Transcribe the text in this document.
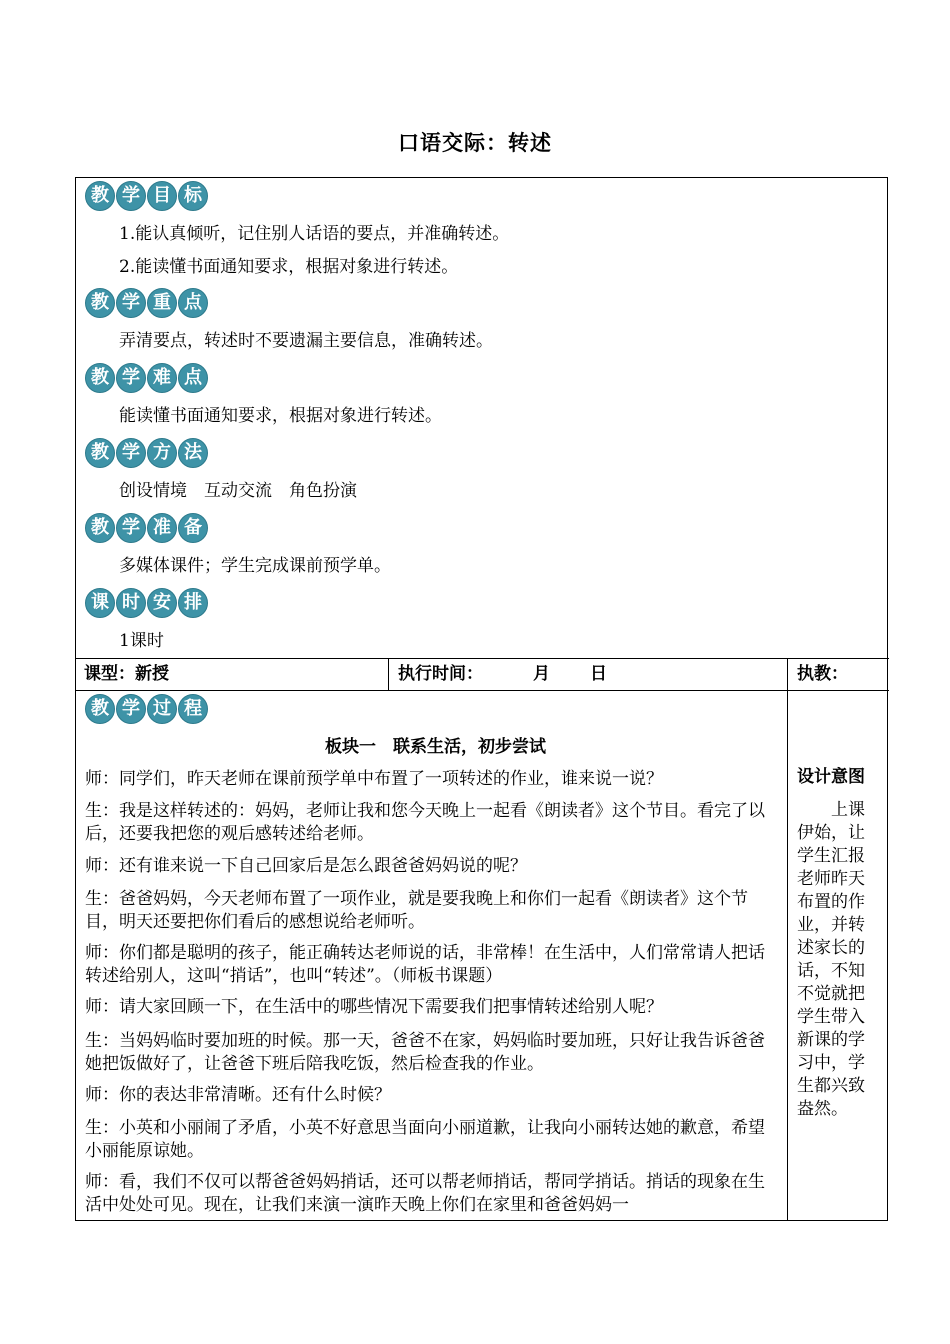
口语交际：转述
教 学 目 标
1.能认真倾听，记住别人话语的要点，并准确转述。
2.能读懂书面通知要求，根据对象进行转述。
教 学 重 点
弄清要点，转述时不要遗漏主要信息，准确转述。
教 学 难 点
能读懂书面通知要求，根据对象进行转述。
教 学 方 法
创设情境　互动交流　角色扮演
教 学 准 备
多媒体课件；学生完成课前预学单。
课 时 安 排
1课时
课型：新授	执行时间：	月 日	执教：
教 学 过 程
板块一　联系生活，初步尝试
师：同学们，昨天老师在课前预学单中布置了一项转述的作业，谁来说一说？
生：我是这样转述的：妈妈，老师让我和您今天晚上一起看《朗读者》这个节目。看完了以后，还要我把您的观后感转述给老师。
师：还有谁来说一下自己回家后是怎么跟爸爸妈妈说的呢？
生：爸爸妈妈，今天老师布置了一项作业，就是要我晚上和你们一起看《朗读者》这个节目，明天还要把你们看后的感想说给老师听。
师：你们都是聪明的孩子，能正确转达老师说的话，非常棒！在生活中，人们常常请人把话转述给别人，这叫“捎话”，也叫“转述”。（师板书课题）
师：请大家回顾一下，在生活中的哪些情况下需要我们把事情转述给别人呢？
生：当妈妈临时要加班的时候。那一天，爸爸不在家，妈妈临时要加班，只好让我告诉爸爸她把饭做好了，让爸爸下班后陪我吃饭，然后检查我的作业。
师：你的表达非常清晰。还有什么时候？
生：小英和小丽闹了矛盾，小英不好意思当面向小丽道歉，让我向小丽转达她的歉意，希望小丽能原谅她。
师：看，我们不仅可以帮爸爸妈妈捎话，还可以帮老师捎话，帮同学捎话。捎话的现象在生活中处处可见。现在，让我们来演一演昨天晚上你们在家里和爸爸妈妈一
设计意图
　　上课伊始，让学生汇报老师昨天布置的作业，并转述家长的话，不知不觉就把学生带入新课的学习中，学生都兴致盎然。
